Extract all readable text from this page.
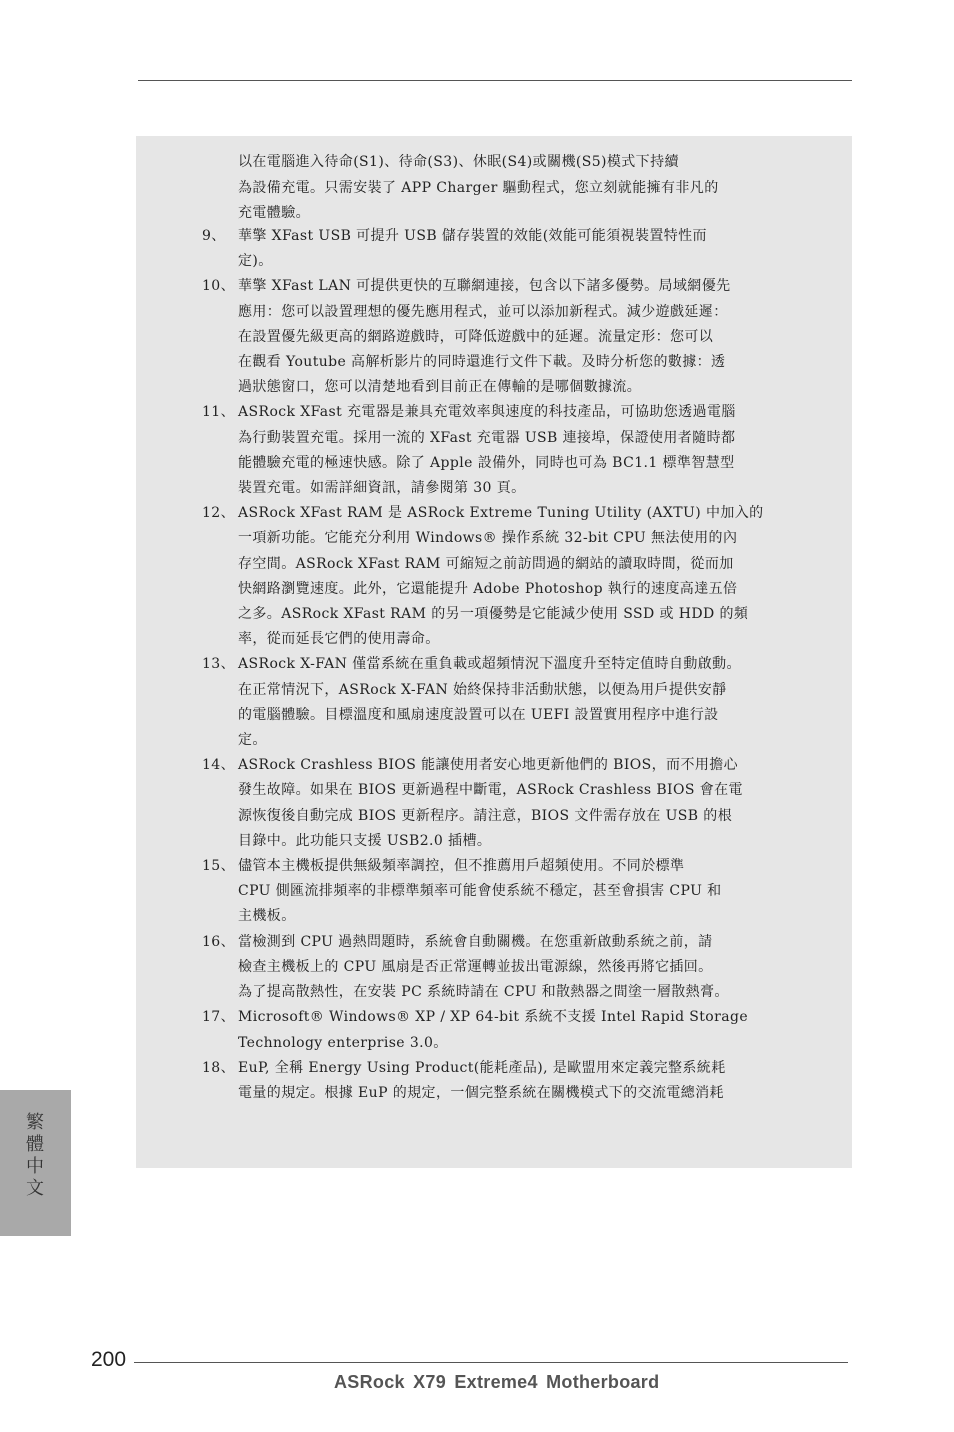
以在電腦進入待命(S1)、待命(S3)、休眠(S4)或關機(S5)模式下持續
為設備充電。只需安裝了 APP Charger 驅動程式，您立刻就能擁有非凡的
充電體驗。
9、 華擎 XFast USB 可提升 USB 儲存裝置的效能(效能可能須視裝置特性而
定)。
10、 華擎 XFast LAN 可提供更快的互聯網連接，包含以下諸多優勢。局域網優先
應用：您可以設置理想的優先應用程式，並可以添加新程式。減少遊戲延遲：
在設置優先級更高的網路遊戲時，可降低遊戲中的延遲。流量定形：您可以
在觀看 Youtube 高解析影片的同時還進行文件下載。及時分析您的數據：透
過狀態窗口，您可以清楚地看到目前正在傳輸的是哪個數據流。
11、 ASRock XFast 充電器是兼具充電效率與速度的科技產品，可協助您透過電腦
為行動裝置充電。採用一流的 XFast 充電器 USB 連接埠，保證使用者隨時都
能體驗充電的極速快感。除了 Apple 設備外，同時也可為 BC1.1 標準智慧型
裝置充電。如需詳細資訊，請參閱第 30 頁。
12、 ASRock XFast RAM 是 ASRock Extreme Tuning Utility (AXTU) 中加入的
一項新功能。它能充分利用 Windows® 操作系統 32-bit CPU 無法使用的內
存空間。ASRock XFast RAM 可縮短之前訪問過的網站的讀取時間，從而加
快網路瀏覽速度。此外，它還能提升 Adobe Photoshop 執行的速度高達五倍
之多。ASRock XFast RAM 的另一項優勢是它能減少使用 SSD 或 HDD 的頻
率，從而延長它們的使用壽命。
13、 ASRock X-FAN 僅當系統在重負載或超頻情況下溫度升至特定值時自動啟動。
在正常情況下，ASRock X-FAN 始終保持非活動狀態，以便為用戶提供安靜
的電腦體驗。目標溫度和風扇速度設置可以在 UEFI 設置實用程序中進行設
定。
14、 ASRock Crashless BIOS 能讓使用者安心地更新他們的 BIOS，而不用擔心
發生故障。如果在 BIOS 更新過程中斷電，ASRock Crashless BIOS 會在電
源恢復後自動完成 BIOS 更新程序。請注意，BIOS 文件需存放在 USB 的根
目錄中。此功能只支援 USB2.0 插槽。
15、 儘管本主機板提供無級頻率調控，但不推薦用戶超頻使用。不同於標準
CPU 側匯流排頻率的非標準頻率可能會使系統不穩定，甚至會損害 CPU 和
主機板。
16、 當檢測到 CPU 過熱問題時，系統會自動關機。在您重新啟動系統之前，請
檢查主機板上的 CPU 風扇是否正常運轉並拔出電源線，然後再將它插回。
為了提高散熱性，在安裝 PC 系統時請在 CPU 和散熱器之間塗一層散熱膏。
17、 Microsoft® Windows® XP / XP 64-bit 系統不支援 Intel Rapid Storage
Technology enterprise 3.0。
18、 EuP, 全稱 Energy Using Product(能耗產品), 是歐盟用來定義完整系統耗
電量的規定。根據 EuP 的規定，一個完整系統在關機模式下的交流電總消耗
繁體中文
200
ASRock X79 Extreme4 Motherboard
